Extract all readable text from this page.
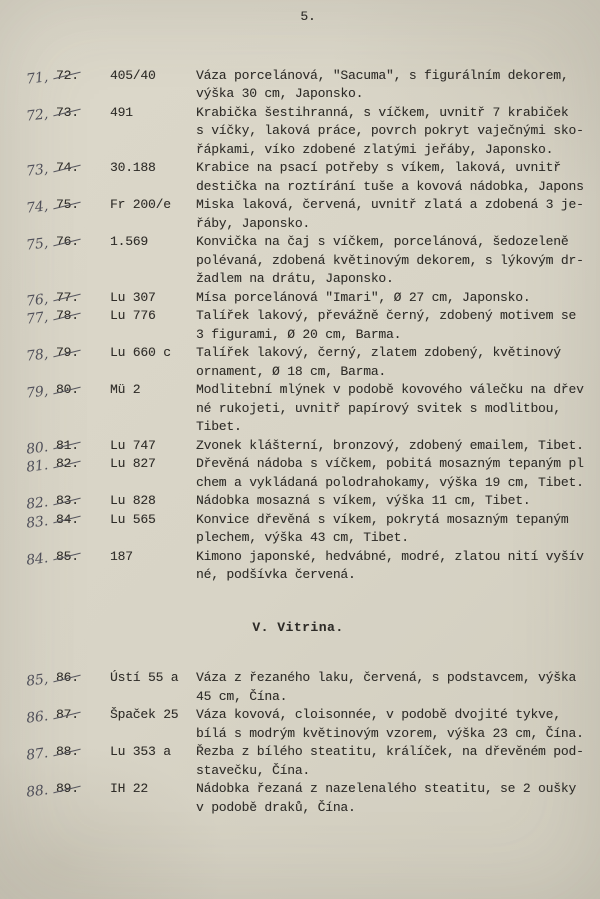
5.
71, 72. 405/40	Váza porcelánová, "Sacuma", s figurálním dekorem,
výška 30 cm, Japonsko.
72, 73. 491	Krabička šestihranná, s víčkem, uvnitř 7 krabiček
s víčky, laková práce, povrch pokryt vaječnými sko-
řápkami, víko zdobené zlatými jeřáby, Japonsko.
73, 74. 30.188	Krabice na psací potřeby s víkem, laková, uvnitř
destička na roztírání tuše a kovová nádobka, Japons
74, 75. Fr 200/e	Miska laková, červená, uvnitř zlatá a zdobená 3 je-
řáby, Japonsko.
75, 76. 1.569	Konvička na čaj s víčkem, porcelánová, šedozeleně
polévaná, zdobená květinovým dekorem, s lýkovým dr-
žadlem na drátu, Japonsko.
76, 77. Lu 307	Mísa porcelánová "Imari", Ø 27 cm, Japonsko.
77, 78. Lu 776	Talířek lakový, převážně černý, zdobený motivem se
3 figurami, Ø 20 cm, Barma.
78, 79. Lu 660 c	Talířek lakový, černý, zlatem zdobený, květinový
ornament, Ø 18 cm, Barma.
79, 80. Mü 2	Modlitební mlýnek v podobě kovového válečku na dřev
né rukojeti, uvnitř papírový svitek s modlitbou,
Tibet.
80. 81. Lu 747	Zvonek klášterní, bronzový, zdobený emailem, Tibet.
81. 82. Lu 827	Dřevěná nádoba s víčkem, pobitá mosazným tepaným pl
chem a vykládaná polodrahokamy, výška 19 cm, Tibet.
82. 83. Lu 828	Nádobka mosazná s víkem, výška 11 cm, Tibet.
83. 84. Lu 565	Konvice dřevěná s víkem, pokrytá mosazným tepaným
plechem, výška 43 cm, Tibet.
84. 85. 187	Kimono japonské, hedvábné, modré, zlatou nití vyšív
né, podšívka červená.
V. Vitrina.
85, 86. Ústí 55 a	Váza z řezaného laku, červená, s podstavcem, výška
45 cm, Čína.
86. 87. Špaček 25	Váza kovová, cloisonnée, v podobě dvojité tykve,
bílá s modrým květinovým vzorem, výška 23 cm, Čína.
87. 88. Lu 353 a	Řezba z bílého steatitu, králíček, na dřevěném pod-
stavečku, Čína.
88. 89. IH 22	Nádobka řezaná z nazelenalého steatitu, se 2 oušky
v podobě draků, Čína.
